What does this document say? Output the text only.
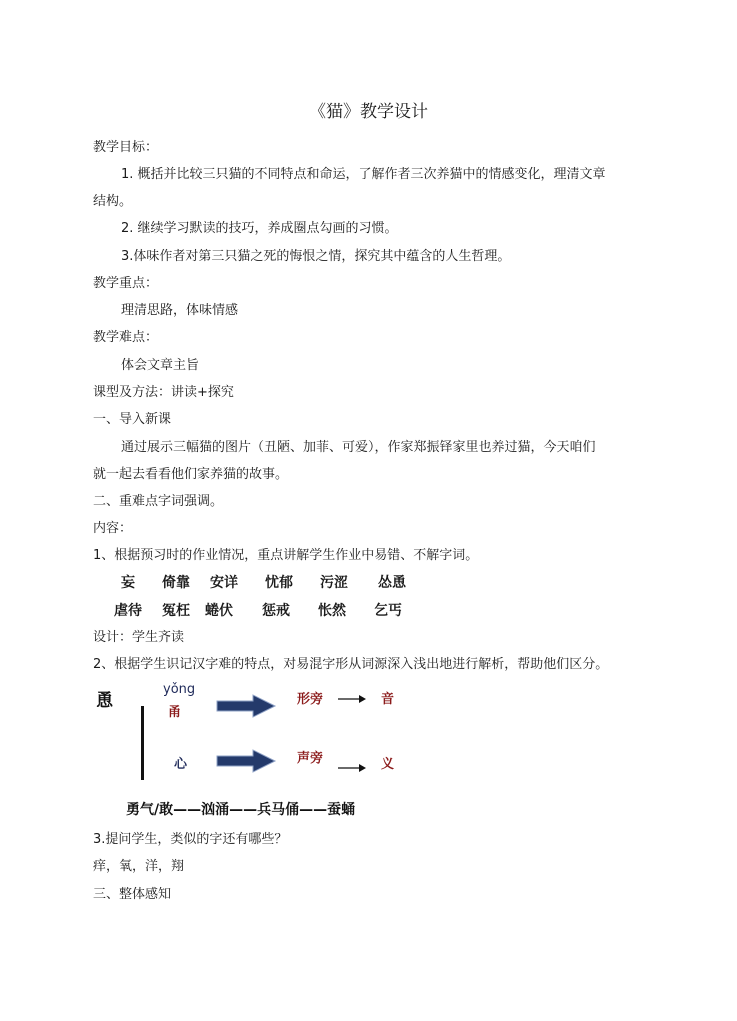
《猫》教学设计
教学目标：
1. 概括并比较三只猫的不同特点和命运，了解作者三次养猫中的情感变化，理清文章
结构。
2. 继续学习默读的技巧，养成圈点勾画的习惯。
3.体味作者对第三只猫之死的悔恨之情，探究其中蕴含的人生哲理。
教学重点：
理清思路，体味情感
教学难点：
体会文章主旨
课型及方法：讲读+探究
一、导入新课
通过展示三幅猫的图片（丑陋、加菲、可爱），作家郑振铎家里也养过猫，今天咱们
就一起去看看他们家养猫的故事。
二、重难点字词强调。
内容：
1、根据预习时的作业情况，重点讲解学生作业中易错、不解字词。
妄 倚靠 安详 忧郁 污涩 怂恿
虐待 冤枉 蜷伏 惩戒 怅然 乞丐
设计：学生齐读
2、根据学生识记汉字难的特点，对易混字形从词源深入浅出地进行解析，帮助他们区分。
恿
yǒng
甬
心
形旁
声旁
音
义
勇气/敢——汹涌——兵马俑——蚕蛹
3.提问学生，类似的字还有哪些？
痒，氧，洋，翔
三、整体感知
